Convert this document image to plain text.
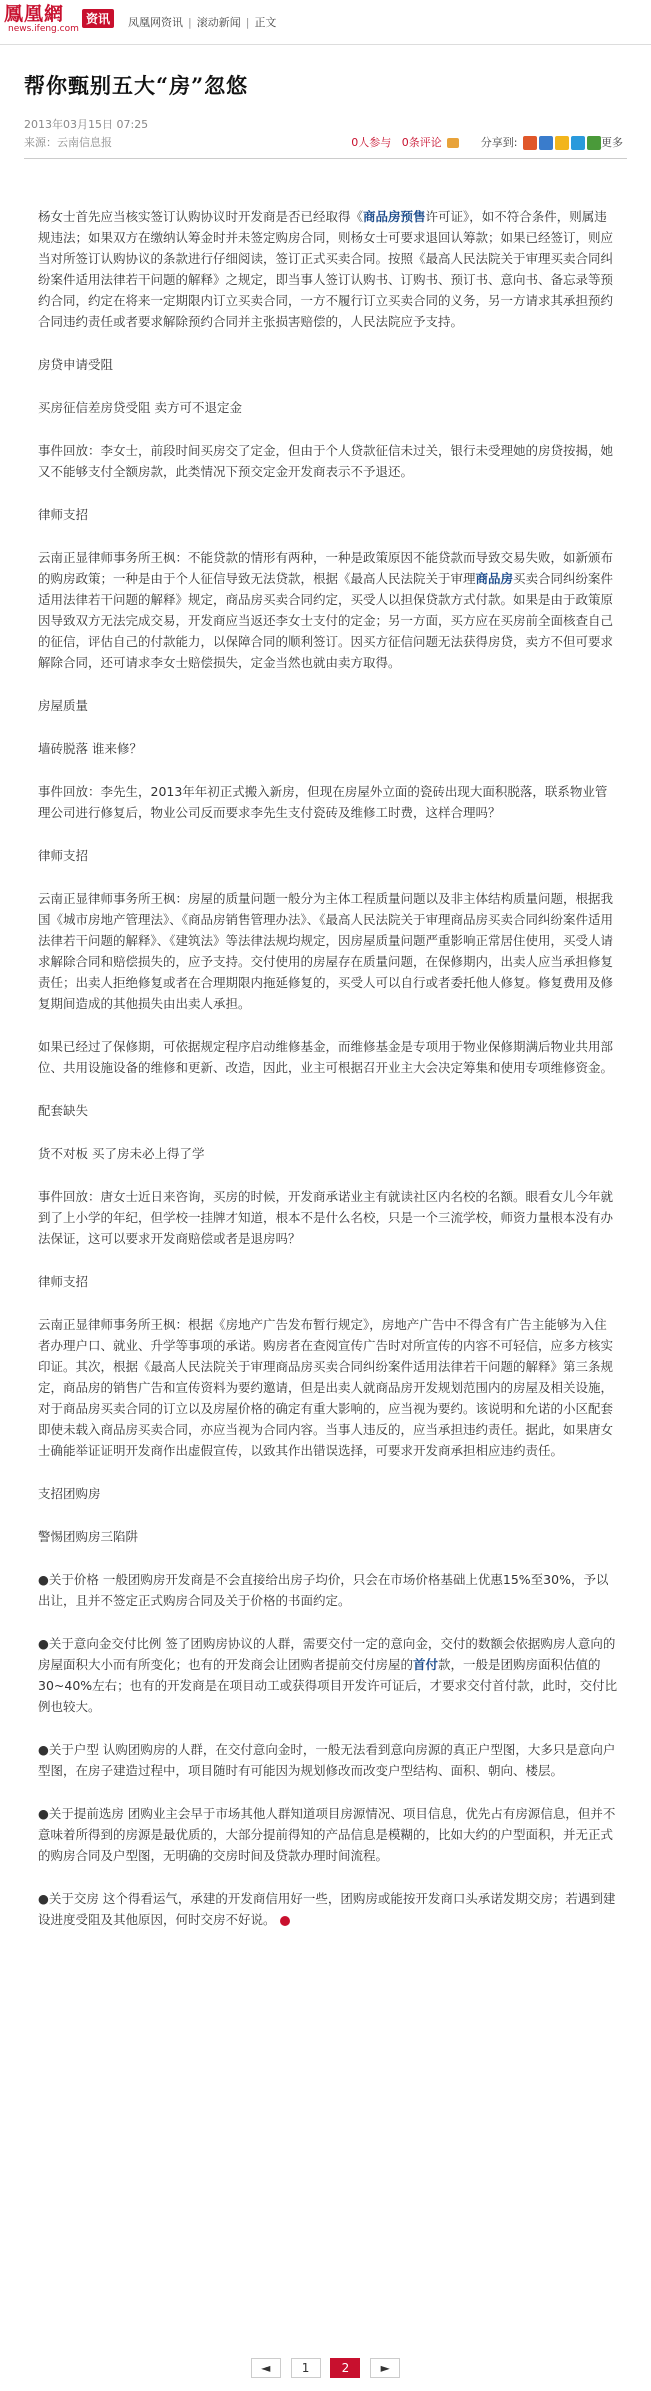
鳳凰網
news.ifeng.com
资讯	凤凰网资讯 | 滚动新闻 | 正文
帮你甄别五大“房”忽悠
2013年03月15日 07:25
来源：云南信息报	0人参与 0条评论	分享到:	更多

杨女士首先应当核实签订认购协议时开发商是否已经取得《商品房预售许可证》，如不符合条件，则属违规违法；如果双方在缴纳认筹金时并未签定购房合同，则杨女士可要求退回认筹款；如果已经签订，则应当对所签订认购协议的条款进行仔细阅读，签订正式买卖合同。按照《最高人民法院关于审理买卖合同纠纷案件适用法律若干问题的解释》之规定，即当事人签订认购书、订购书、预订书、意向书、备忘录等预约合同，约定在将来一定期限内订立买卖合同，一方不履行订立买卖合同的义务，另一方请求其承担预约合同违约责任或者要求解除预约合同并主张损害赔偿的，人民法院应予支持。

房贷申请受阻

买房征信差房贷受阻 卖方可不退定金

事件回放：李女士，前段时间买房交了定金，但由于个人贷款征信未过关，银行未受理她的房贷按揭，她又不能够支付全额房款，此类情况下预交定金开发商表示不予退还。

律师支招

云南正显律师事务所王枫：不能贷款的情形有两种，一种是政策原因不能贷款而导致交易失败，如新颁布的购房政策；一种是由于个人征信导致无法贷款，根据《最高人民法院关于审理商品房买卖合同纠纷案件适用法律若干问题的解释》规定，商品房买卖合同约定，买受人以担保贷款方式付款。如果是由于政策原因导致双方无法完成交易，开发商应当返还李女士支付的定金；另一方面，买方应在买房前全面核查自己的征信，评估自己的付款能力，以保障合同的顺利签订。因买方征信问题无法获得房贷，卖方不但可要求解除合同，还可请求李女士赔偿损失，定金当然也就由卖方取得。

房屋质量

墙砖脱落 谁来修？

事件回放：李先生，2013年年初正式搬入新房，但现在房屋外立面的瓷砖出现大面积脱落，联系物业管理公司进行修复后，物业公司反而要求李先生支付瓷砖及维修工时费，这样合理吗？

律师支招

云南正显律师事务所王枫：房屋的质量问题一般分为主体工程质量问题以及非主体结构质量问题，根据我国《城市房地产管理法》、《商品房销售管理办法》、《最高人民法院关于审理商品房买卖合同纠纷案件适用法律若干问题的解释》、《建筑法》等法律法规均规定，因房屋质量问题严重影响正常居住使用，买受人请求解除合同和赔偿损失的，应予支持。交付使用的房屋存在质量问题，在保修期内，出卖人应当承担修复责任；出卖人拒绝修复或者在合理期限内拖延修复的，买受人可以自行或者委托他人修复。修复费用及修复期间造成的其他损失由出卖人承担。

如果已经过了保修期，可依据规定程序启动维修基金，而维修基金是专项用于物业保修期满后物业共用部位、共用设施设备的维修和更新、改造，因此，业主可根据召开业主大会决定筹集和使用专项维修资金。

配套缺失

货不对板 买了房未必上得了学

事件回放：唐女士近日来咨询，买房的时候，开发商承诺业主有就读社区内名校的名额。眼看女儿今年就到了上小学的年纪，但学校一挂牌才知道，根本不是什么名校，只是一个三流学校，师资力量根本没有办法保证，这可以要求开发商赔偿或者是退房吗？

律师支招

云南正显律师事务所王枫：根据《房地产广告发布暂行规定》，房地产广告中不得含有广告主能够为入住者办理户口、就业、升学等事项的承诺。购房者在查阅宣传广告时对所宣传的内容不可轻信，应多方核实印证。其次，根据《最高人民法院关于审理商品房买卖合同纠纷案件适用法律若干问题的解释》第三条规定，商品房的销售广告和宣传资料为要约邀请，但是出卖人就商品房开发规划范围内的房屋及相关设施，对于商品房买卖合同的订立以及房屋价格的确定有重大影响的，应当视为要约。该说明和允诺的小区配套即使未载入商品房买卖合同，亦应当视为合同内容。当事人违反的，应当承担违约责任。据此，如果唐女士确能举证证明开发商作出虚假宣传，以致其作出错误选择，可要求开发商承担相应违约责任。

支招团购房

警惕团购房三陷阱

● 关于价格 一般团购房开发商是不会直接给出房子均价，只会在市场价格基础上优惠15%至30%，予以出让，且并不签定正式购房合同及关于价格的书面约定。

● 关于意向金交付比例 签了团购房协议的人群，需要交付一定的意向金，交付的数额会依据购房人意向的房屋面积大小而有所变化；也有的开发商会让团购者提前交付房屋的首付款，一般是团购房面积估值的30~40%左右；也有的开发商是在项目动工或获得项目开发许可证后，才要求交付首付款，此时，交付比例也较大。

● 关于户型 认购团购房的人群，在交付意向金时，一般无法看到意向房源的真正户型图，大多只是意向户型图，在房子建造过程中，项目随时有可能因为规划修改而改变户型结构、面积、朝向、楼层。

● 关于提前选房 团购业主会早于市场其他人群知道项目房源情况、项目信息，优先占有房源信息，但并不意味着所得到的房源是最优质的，大部分提前得知的产品信息是模糊的，比如大约的户型面积，并无正式的购房合同及户型图，无明确的交房时间及贷款办理时间流程。

● 关于交房 这个得看运气，承建的开发商信用好一些，团购房或能按开发商口头承诺发期交房；若遇到建设进度受阻及其他原因，何时交房不好说。

◄	1	2	►
